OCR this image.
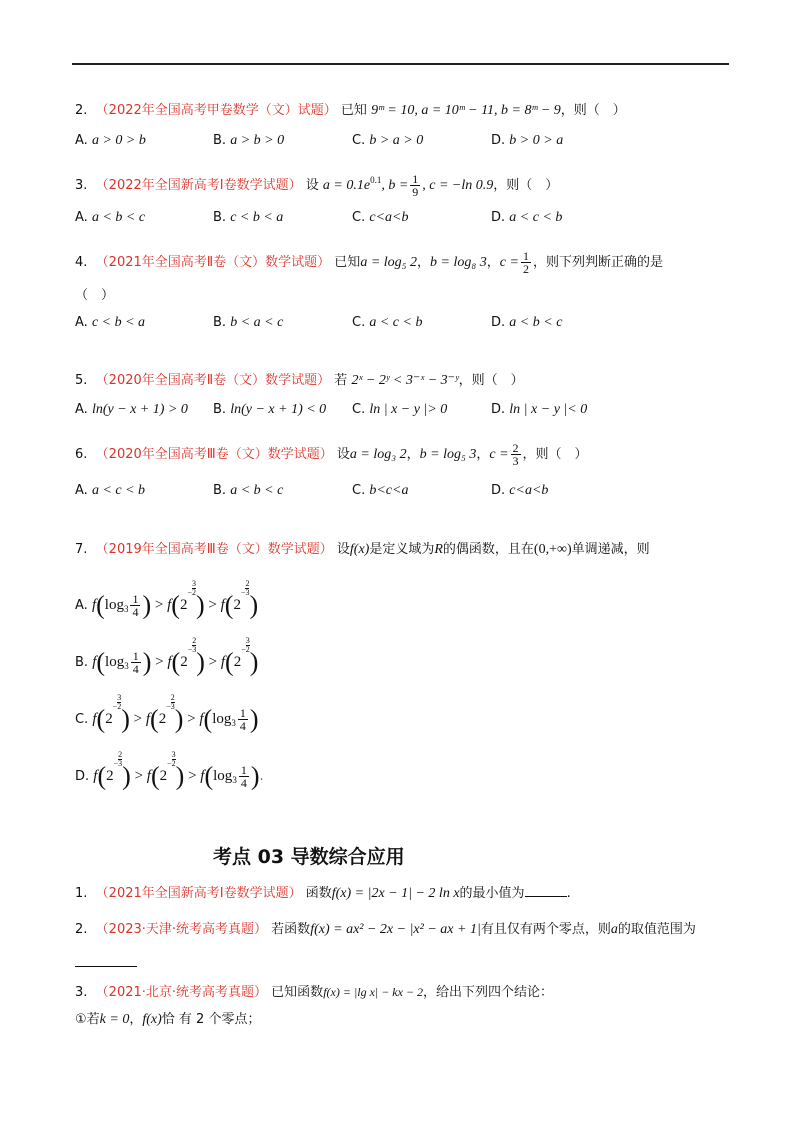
2. （2022年全国高考甲卷数学（文）试题） 已知 9ᵐ = 10, a = 10ᵐ − 11, b = 8ᵐ − 9，则（　）
A. a > 0 > b	B. a > b > 0	C. b > a > 0	D. b > 0 > a
3. （2022年全国新高考Ⅰ卷数学试题） 设 $a = 0.1e^{0.1}$, $b = \frac{1}{9}$ , c = −ln 0.9，则（　）
A. a < b < c	B. c < b < a	C. c<a<b	D. a < c < b
4. （2021年全国高考Ⅱ卷（文）数学试题） 已知a = log₅ 2，b = log₈ 3，$c = \frac{1}{2}$ ，则下列判断正确的是
（　）
A. c < b < a	B. b < a < c	C. a < c < b	D. a < b < c
5. （2020年全国高考Ⅱ卷（文）数学试题） 若 2ˣ − 2ʸ < 3⁻ˣ − 3⁻ʸ，则（　）
A. ln(y − x + 1) > 0 B. ln(y − x + 1) < 0 C. ln | x − y |> 0	D. ln | x − y |< 0
6. （2020年全国高考Ⅲ卷（文）数学试题） 设a = log₃ 2，b = log₅ 3，$c = \frac{2}{3}$ ，则（　）
A. a < c < b	B. a < b < c	C. b<c<a	D. c<a<b
7. （2019年全国高考Ⅲ卷（文）数学试题） 设f(x)是定义域为R的偶函数，且在(0,+∞)单调递减，则
A. $f(\log_3 \frac{1}{4}$ ) > $f(2- \frac{3}{2}) > f(2- \frac{2}{3})$
B. $f(\log_3 \frac{1}{4}$ ) > $f(2- \frac{2}{3}) > f(2- \frac{3}{2})$
C. $f(2- \frac{3}{2}) > f(2- \frac{2}{3}) > f(\log_3 \frac{1}{4}$ )
D. $f(2- \frac{2}{3}) > f(2- \frac{3}{2}) > f(\log_3 \frac{1}{4}$ ).
考点 03 导数综合应用
1. （2021年全国新高考Ⅰ卷数学试题） 函数f(x) = |2x − 1| − 2 ln x的最小值为	.
2. （2023·天津·统考高考真题） 若函数f(x) = ax² − 2x − |x² − ax + 1|有且仅有两个零点，则a的取值范围为
3. （2021·北京·统考高考真题） 已知函数f(x) = |lg x| − kx − 2，给出下列四个结论：
①若k = 0，f(x)恰 有 2 个零点；
